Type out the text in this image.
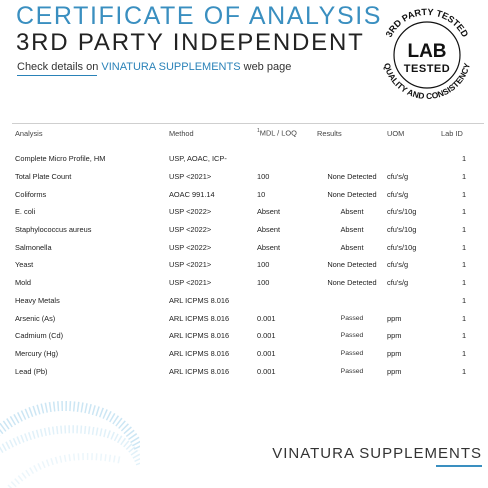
CERTIFICATE OF ANALYSIS
3RD PARTY INDEPENDENT
Check details on VINATURA SUPPLEMENTS web page
3RD PARTY TESTED
QUALITY AND CONSISTENCY
LAB
TESTED
Analysis	Method	$^1$MDL / LOQ	Results	UOM	Lab ID

Complete Micro Profile, HM	USP, AOAC, ICP-				1
Total Plate Count	USP <2021>	100	None Detected	cfu's/g	1
Coliforms	AOAC 991.14	10	None Detected	cfu's/g	1
E. coli	USP <2022>	Absent	Absent	cfu's/10g	1
Staphylococcus aureus	USP <2022>	Absent	Absent	cfu's/10g	1
Salmonella	USP <2022>	Absent	Absent	cfu's/10g	1
Yeast	USP <2021>	100	None Detected	cfu's/g	1
Mold	USP <2021>	100	None Detected	cfu's/g	1
Heavy Metals	ARL ICPMS 8.016				1
Arsenic (As)	ARL ICPMS 8.016	0.001	Passed	ppm	1
Cadmium (Cd)	ARL ICPMS 8.016	0.001	Passed	ppm	1
Mercury (Hg)	ARL ICPMS 8.016	0.001	Passed	ppm	1
Lead (Pb)	ARL ICPMS 8.016	0.001	Passed	ppm	1
VINATURA SUPPLEMENTS
